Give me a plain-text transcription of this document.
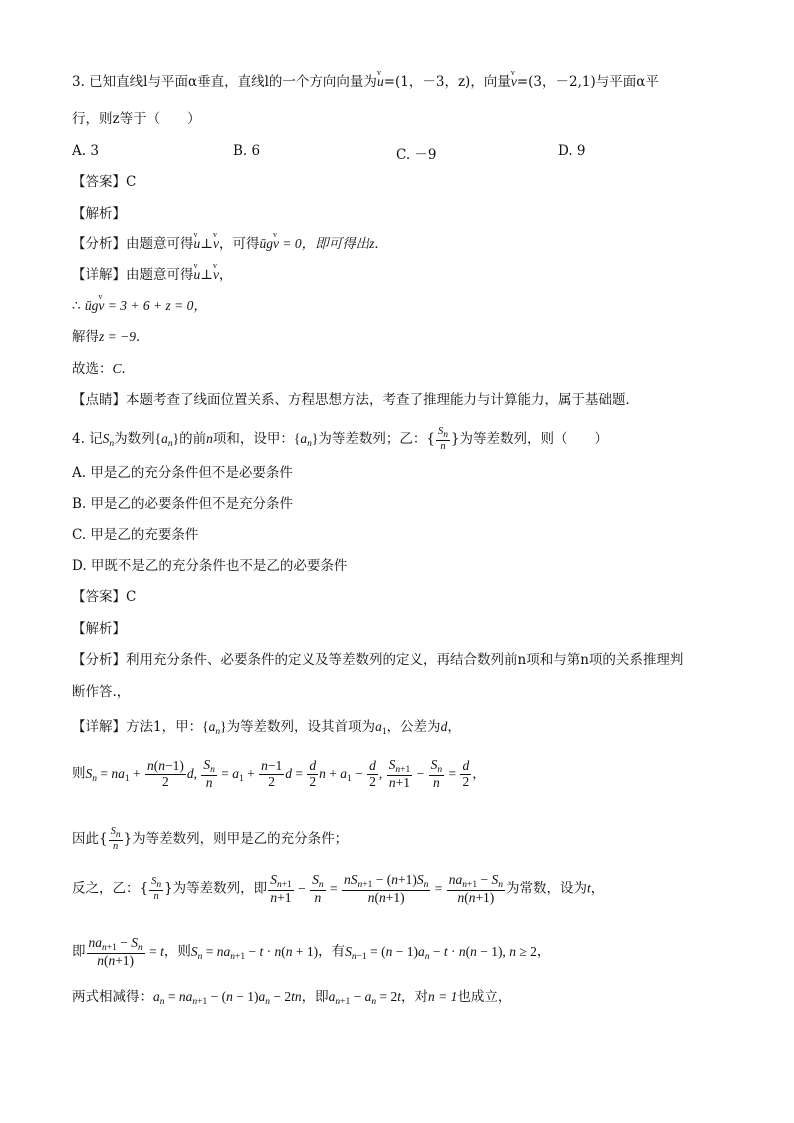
3. 已知直线l与平面α垂直，直线l的一个方向向量为v u=(1，－3，z)，向量v v=(3，－2,1)与平面α平
行，则z等于（　　）
A. 3	B. 6	C. －9	D. 9
【答案】C
【解析】
【分析】由题意可得v u⊥v v，可得ūgv v = 0，即可得出z．
【详解】由题意可得v u⊥v v，
∴ ūgv v = 3 + 6 + z = 0，
解得z = −9．
故选：C．
【点睛】本题考查了线面位置关系、方程思想方法，考查了推理能力与计算能力，属于基础题．
4. 记$S_n$为数列$\{a_n\}$的前n项和，设甲：$\{a_n\}$为等差数列；乙：{ $\frac{S_n}{n}$ }为等差数列，则（　　）
A. 甲是乙的充分条件但不是必要条件
B. 甲是乙的必要条件但不是充分条件
C. 甲是乙的充要条件
D. 甲既不是乙的充分条件也不是乙的必要条件
【答案】C
【解析】
【分析】利用充分条件、必要条件的定义及等差数列的定义，再结合数列前n项和与第n项的关系推理判
断作答.，
【详解】方法1，甲：$\{a_n\}$为等差数列，设其首项为$a_1$，公差为d，
则$S_n = na_1 + \frac{n(n-1)}{2} d$, $\frac{S_n}{n} = a_1 + \frac{n-1}{2}$ $d = \frac{d}{2}$ $n + a_1 - \frac{d}{2}$ , $\frac{S_{n+1}}{n+1} - \frac{S_n}{n} = \frac{d}{2}$ ，
因此{ $\frac{S_n}{n}$ }为等差数列，则甲是乙的充分条件；
反之，乙：{ $\frac{S_n}{n}$ }为等差数列，即 $\frac{S_{n+1}}{n+1} - \frac{S_n}{n} = \frac{nS_{n+1} - (n+1)S_n}{n(n+1)} = \frac{na_{n+1} - S_n}{n(n+1)}$ 为常数，设为t，
即 $\frac{na_{n+1} - S_n}{n(n+1)} = t$，则$S_n = na_{n+1} - t \cdot n(n + 1)$，有$S_{n-1} = (n - 1)a_n - t \cdot n(n - 1)$, n ≥ 2，
两式相减得：$a_n = na_{n+1} - (n - 1)a_n - 2tn$，即$a_{n+1} - a_n = 2t$，对n = 1也成立，
